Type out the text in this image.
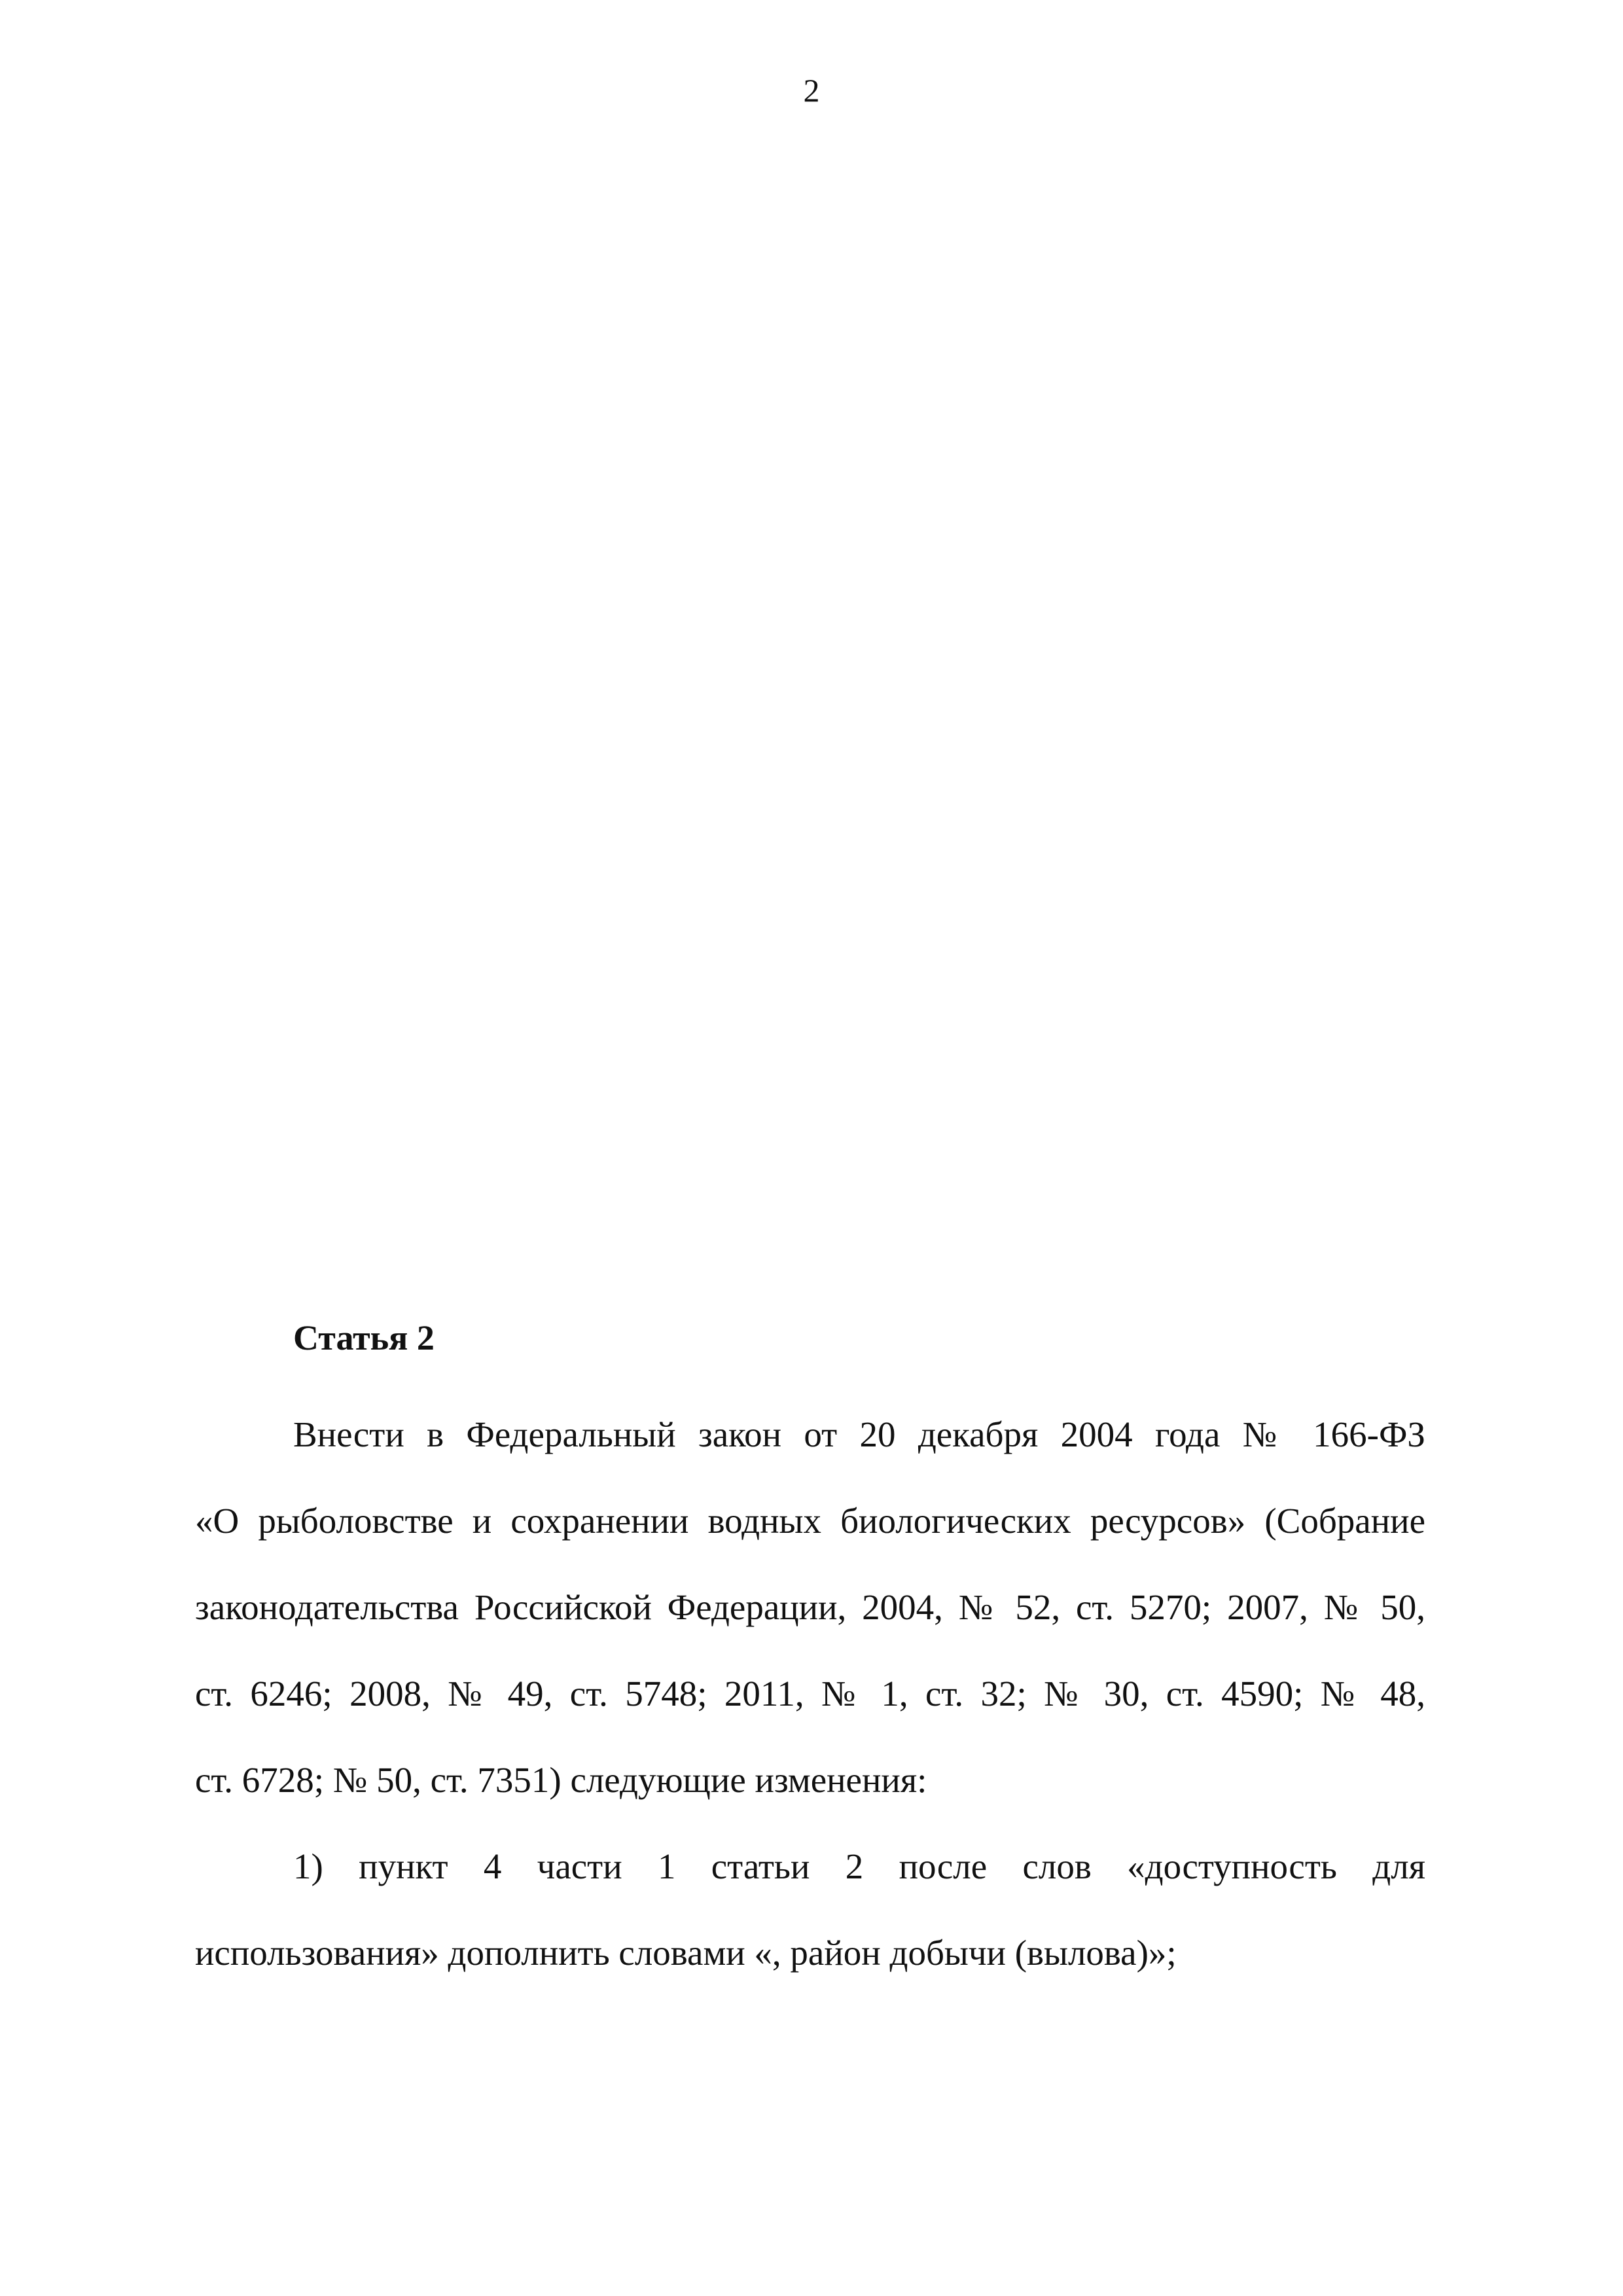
2
Статья 2
Внести в Федеральный закон от 20 декабря 2004 года № 166-ФЗ
«О рыболовстве и сохранении водных биологических ресурсов» (Собрание
законодательства Российской Федерации, 2004, № 52, ст. 5270; 2007, № 50,
ст. 6246; 2008, № 49, ст. 5748; 2011, № 1, ст. 32; № 30, ст. 4590; № 48,
ст. 6728; № 50, ст. 7351) следующие изменения:
1) пункт 4 части 1 статьи 2 после слов «доступность для
использования» дополнить словами «, район добычи (вылова)»;
